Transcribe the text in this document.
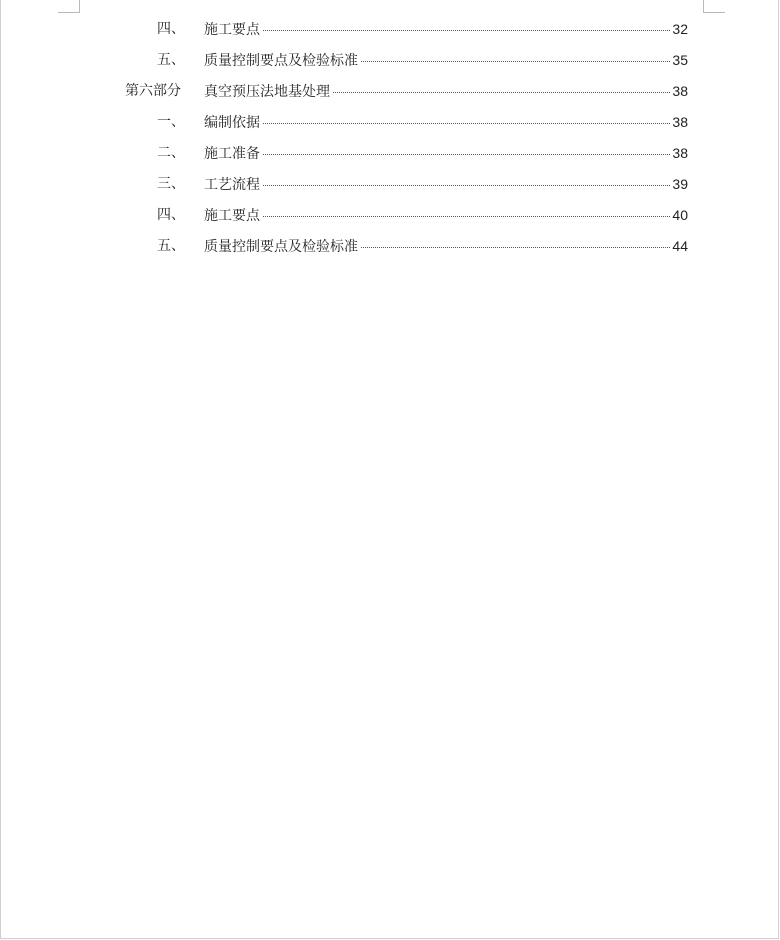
四、 施工要点	32
五、 质量控制要点及检验标准	35
第六部分 真空预压法地基处理	38
一、 编制依据	38
二、 施工准备	38
三、 工艺流程	39
四、 施工要点	40
五、 质量控制要点及检验标准	44
